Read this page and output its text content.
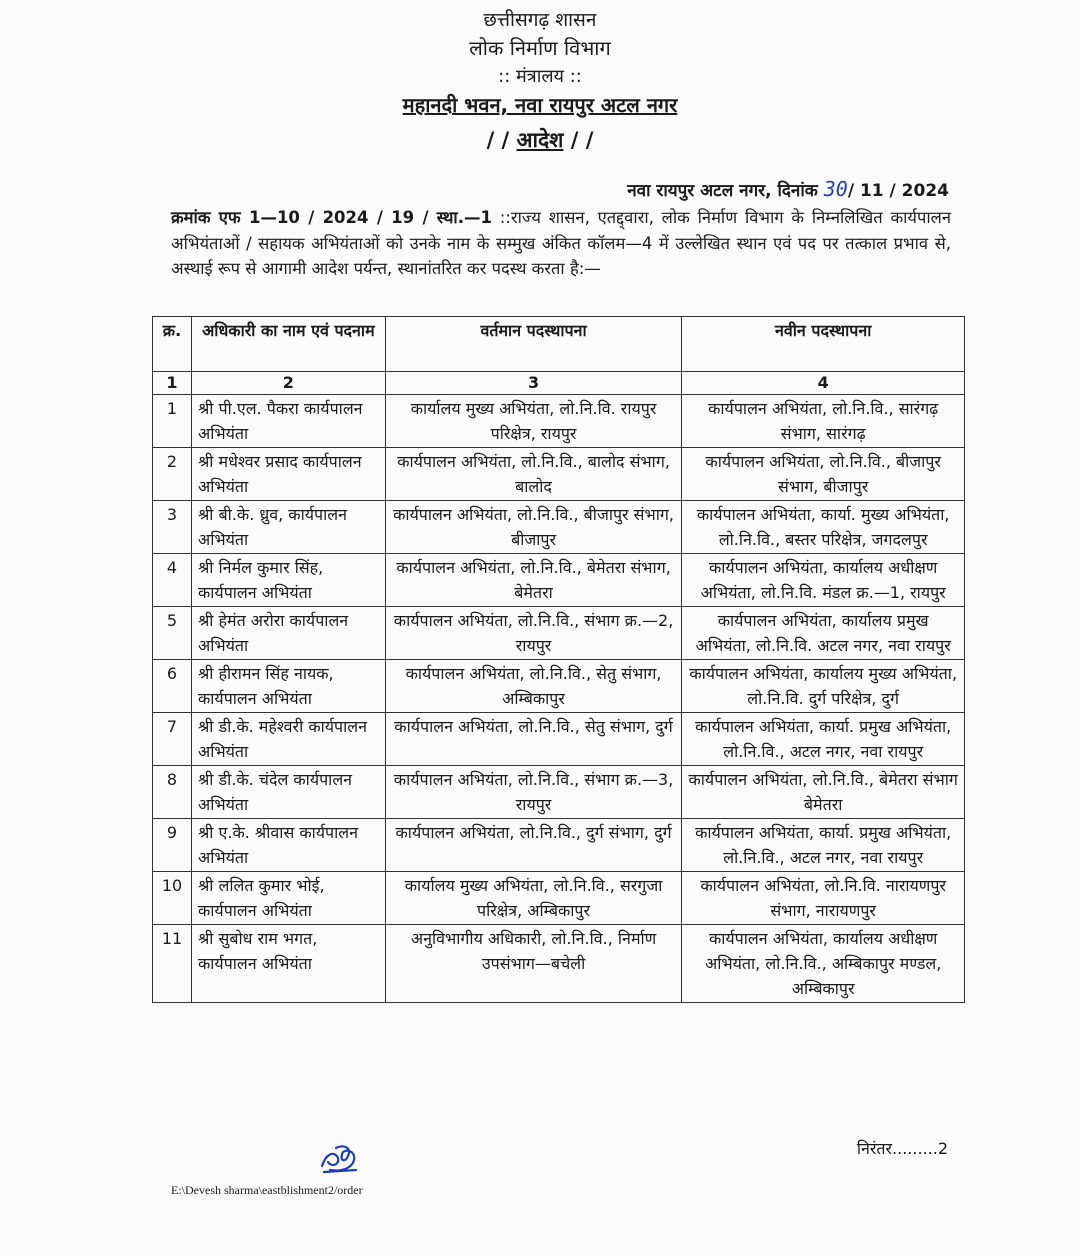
छत्तीसगढ़ शासन
लोक निर्माण विभाग
:: मंत्रालय ::
महानदी भवन, नवा रायपुर अटल नगर
/ / आदेश / /
नवा रायपुर अटल नगर, दिनांक 30/ 11 / 2024
क्रमांक एफ 1—10 / 2024 / 19 / स्था.—1 ::राज्य शासन, एतद्द्वारा, लोक निर्माण विभाग के निम्नलिखित कार्यपालन अभियंताओं / सहायक अभियंताओं को उनके नाम के सम्मुख अंकित कॉलम—4 में उल्लेखित स्थान एवं पद पर तत्काल प्रभाव से, अस्थाई रूप से आगामी आदेश पर्यन्त, स्थानांतरित कर पदस्थ करता है:—
क्र.	अधिकारी का नाम एवं पदनाम	वर्तमान पदस्थापना	नवीन पदस्थापना
1	2	3	4
1	श्री पी.एल. पैकरा कार्यपालन अभियंता	कार्यालय मुख्य अभियंता, लो.नि.वि. रायपुर परिक्षेत्र, रायपुर	कार्यपालन अभियंता, लो.नि.वि., सारंगढ़ संभाग, सारंगढ़
2	श्री मधेश्वर प्रसाद कार्यपालन अभियंता	कार्यपालन अभियंता, लो.नि.वि., बालोद संभाग, बालोद	कार्यपालन अभियंता, लो.नि.वि., बीजापुर संभाग, बीजापुर
3	श्री बी.के. ध्रुव, कार्यपालन अभियंता	कार्यपालन अभियंता, लो.नि.वि., बीजापुर संभाग, बीजापुर	कार्यपालन अभियंता, कार्या. मुख्य अभियंता, लो.नि.वि., बस्तर परिक्षेत्र, जगदलपुर
4	श्री निर्मल कुमार सिंह, कार्यपालन अभियंता	कार्यपालन अभियंता, लो.नि.वि., बेमेतरा संभाग, बेमेतरा	कार्यपालन अभियंता, कार्यालय अधीक्षण अभियंता, लो.नि.वि. मंडल क्र.—1, रायपुर
5	श्री हेमंत अरोरा कार्यपालन अभियंता	कार्यपालन अभियंता, लो.नि.वि., संभाग क्र.—2, रायपुर	कार्यपालन अभियंता, कार्यालय प्रमुख अभियंता, लो.नि.वि. अटल नगर, नवा रायपुर
6	श्री हीरामन सिंह नायक, कार्यपालन अभियंता	कार्यपालन अभियंता, लो.नि.वि., सेतु संभाग, अम्बिकापुर	कार्यपालन अभियंता, कार्यालय मुख्य अभियंता, लो.नि.वि. दुर्ग परिक्षेत्र, दुर्ग
7	श्री डी.के. महेश्वरी कार्यपालन अभियंता	कार्यपालन अभियंता, लो.नि.वि., सेतु संभाग, दुर्ग	कार्यपालन अभियंता, कार्या. प्रमुख अभियंता, लो.नि.वि., अटल नगर, नवा रायपुर
8	श्री डी.के. चंदेल कार्यपालन अभियंता	कार्यपालन अभियंता, लो.नि.वि., संभाग क्र.—3, रायपुर	कार्यपालन अभियंता, लो.नि.वि., बेमेतरा संभाग बेमेतरा
9	श्री ए.के. श्रीवास कार्यपालन अभियंता	कार्यपालन अभियंता, लो.नि.वि., दुर्ग संभाग, दुर्ग	कार्यपालन अभियंता, कार्या. प्रमुख अभियंता, लो.नि.वि., अटल नगर, नवा रायपुर
10	श्री ललित कुमार भोई, कार्यपालन अभियंता	कार्यालय मुख्य अभियंता, लो.नि.वि., सरगुजा परिक्षेत्र, अम्बिकापुर	कार्यपालन अभियंता, लो.नि.वि. नारायणपुर संभाग, नारायणपुर
11	श्री सुबोध राम भगत, कार्यपालन अभियंता	अनुविभागीय अधिकारी, लो.नि.वि., निर्माण उपसंभाग—बचेली	कार्यपालन अभियंता, कार्यालय अधीक्षण अभियंता, लो.नि.वि., अम्बिकापुर मण्डल, अम्बिकापुर
निरंतर.........2
E:\Devesh sharma\eastblishment2/order
